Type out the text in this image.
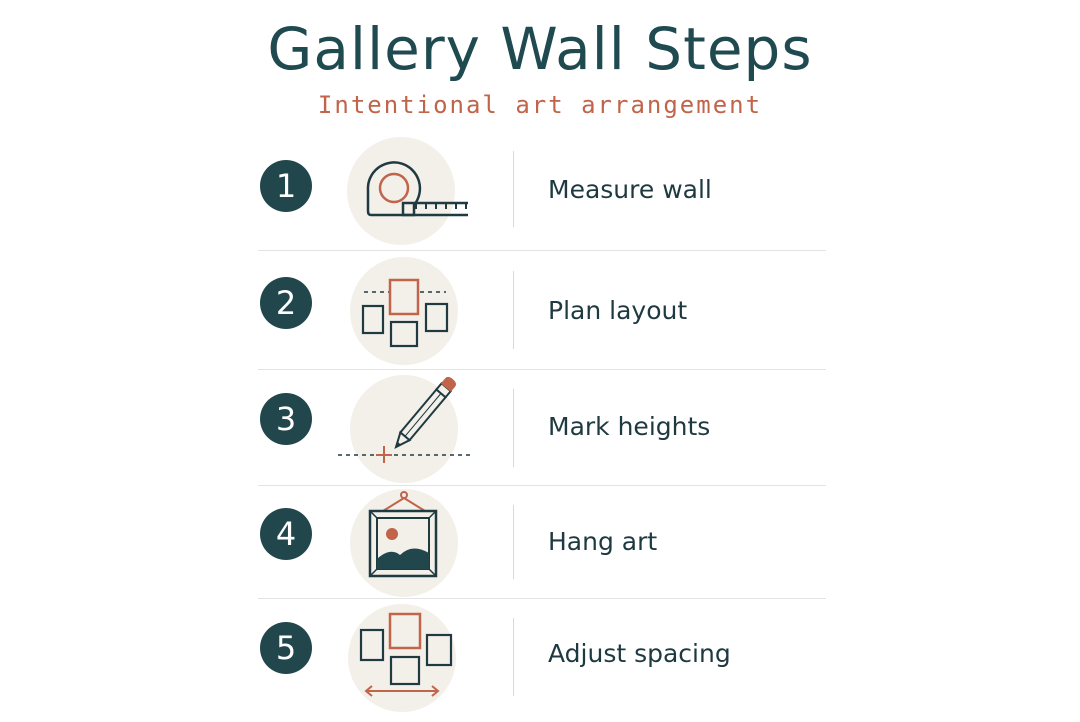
Gallery Wall Steps
Intentional art arrangement
1	Measure wall
2	Plan layout
3	Mark heights
4	Hang art
5	Adjust spacing
